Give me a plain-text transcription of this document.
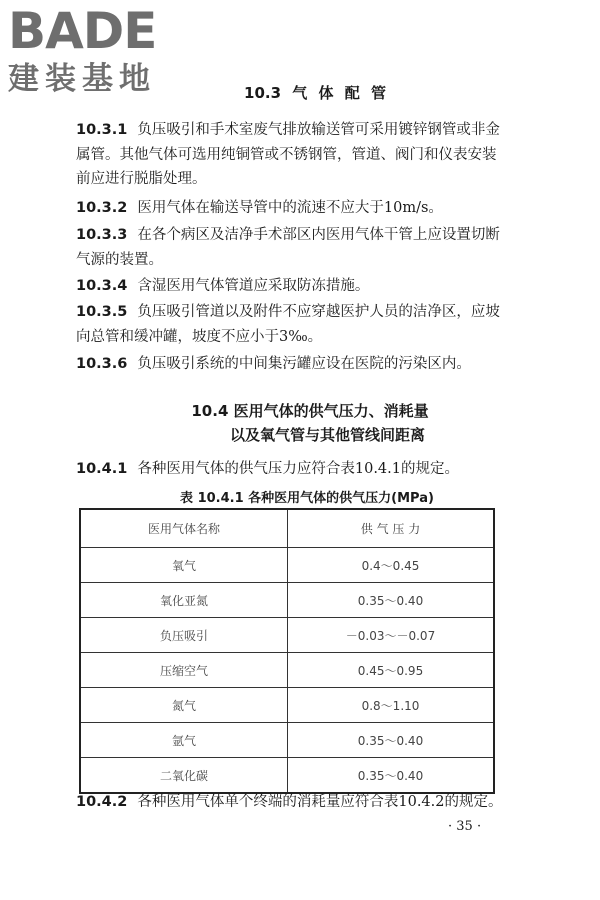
BADE
建装基地	10.3 气 体 配 管
10.3.1 负压吸引和手术室废气排放输送管可采用镀锌钢管或非金属管。其他气体可选用纯铜管或不锈钢管，管道、阀门和仪表安装前应进行脱脂处理。
10.3.2 医用气体在输送导管中的流速不应大于10m/s。
10.3.3 在各个病区及洁净手术部区内医用气体干管上应设置切断气源的装置。
10.3.4 含湿医用气体管道应采取防冻措施。
10.3.5 负压吸引管道以及附件不应穿越医护人员的洁净区，应坡向总管和缓冲罐，坡度不应小于3‰。
10.3.6 负压吸引系统的中间集污罐应设在医院的污染区内。
10.4 医用气体的供气压力、消耗量
以及氧气管与其他管线间距离
10.4.1 各种医用气体的供气压力应符合表10.4.1的规定。
表 10.4.1 各种医用气体的供气压力(MPa)
医用气体名称	供 气 压 力
氧气	0.4～0.45
氧化亚氮	0.35～0.40
负压吸引	－0.03～－0.07
压缩空气	0.45～0.95
氮气	0.8～1.10
氩气	0.35～0.40
二氧化碳	0.35～0.40
10.4.2 各种医用气体单个终端的消耗量应符合表10.4.2的规定。
· 35 ·
